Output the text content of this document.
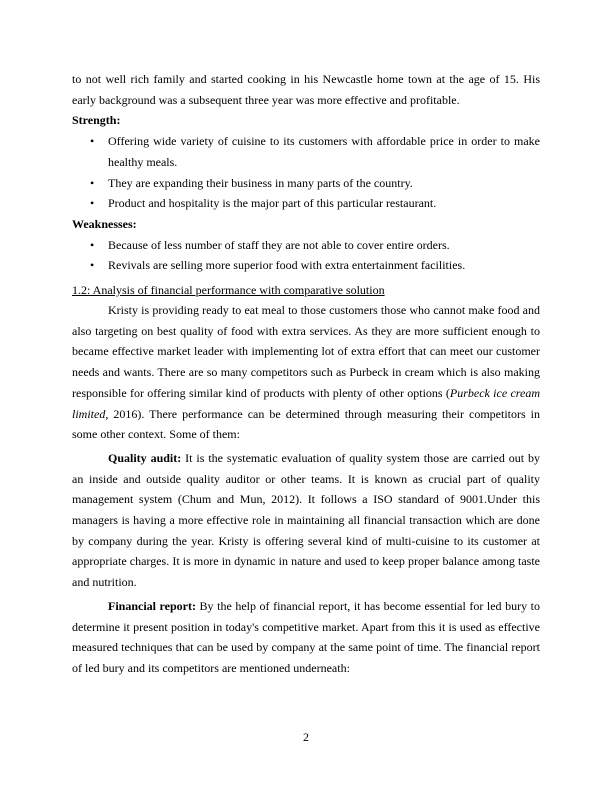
to not well rich family and started cooking in his Newcastle home town at the age of 15. His early background was a subsequent three year was more effective and profitable.

Strength:

• Offering wide variety of cuisine to its customers with affordable price in order to make healthy meals.
• They are expanding their business in many parts of the country.
• Product and hospitality is the major part of this particular restaurant.

Weaknesses:

• Because of less number of staff they are not able to cover entire orders.
• Revivals are selling more superior food with extra entertainment facilities.

1.2: Analysis of financial performance with comparative solution

Kristy is providing ready to eat meal to those customers those who cannot make food and also targeting on best quality of food with extra services. As they are more sufficient enough to became effective market leader with implementing lot of extra effort that can meet our customer needs and wants. There are so many competitors such as Purbeck in cream which is also making responsible for offering similar kind of products with plenty of other options (Purbeck ice cream limited, 2016). There performance can be determined through measuring their competitors in some other context. Some of them:

Quality audit: It is the systematic evaluation of quality system those are carried out by an inside and outside quality auditor or other teams. It is known as crucial part of quality management system (Chum and Mun, 2012). It follows a ISO standard of 9001.Under this managers is having a more effective role in maintaining all financial transaction which are done by company during the year. Kristy is offering several kind of multi-cuisine to its customer at appropriate charges. It is more in dynamic in nature and used to keep proper balance among taste and nutrition.

Financial report: By the help of financial report, it has become essential for led bury to determine it present position in today's competitive market. Apart from this it is used as effective measured techniques that can be used by company at the same point of time. The financial report of led bury and its competitors are mentioned underneath:

2
